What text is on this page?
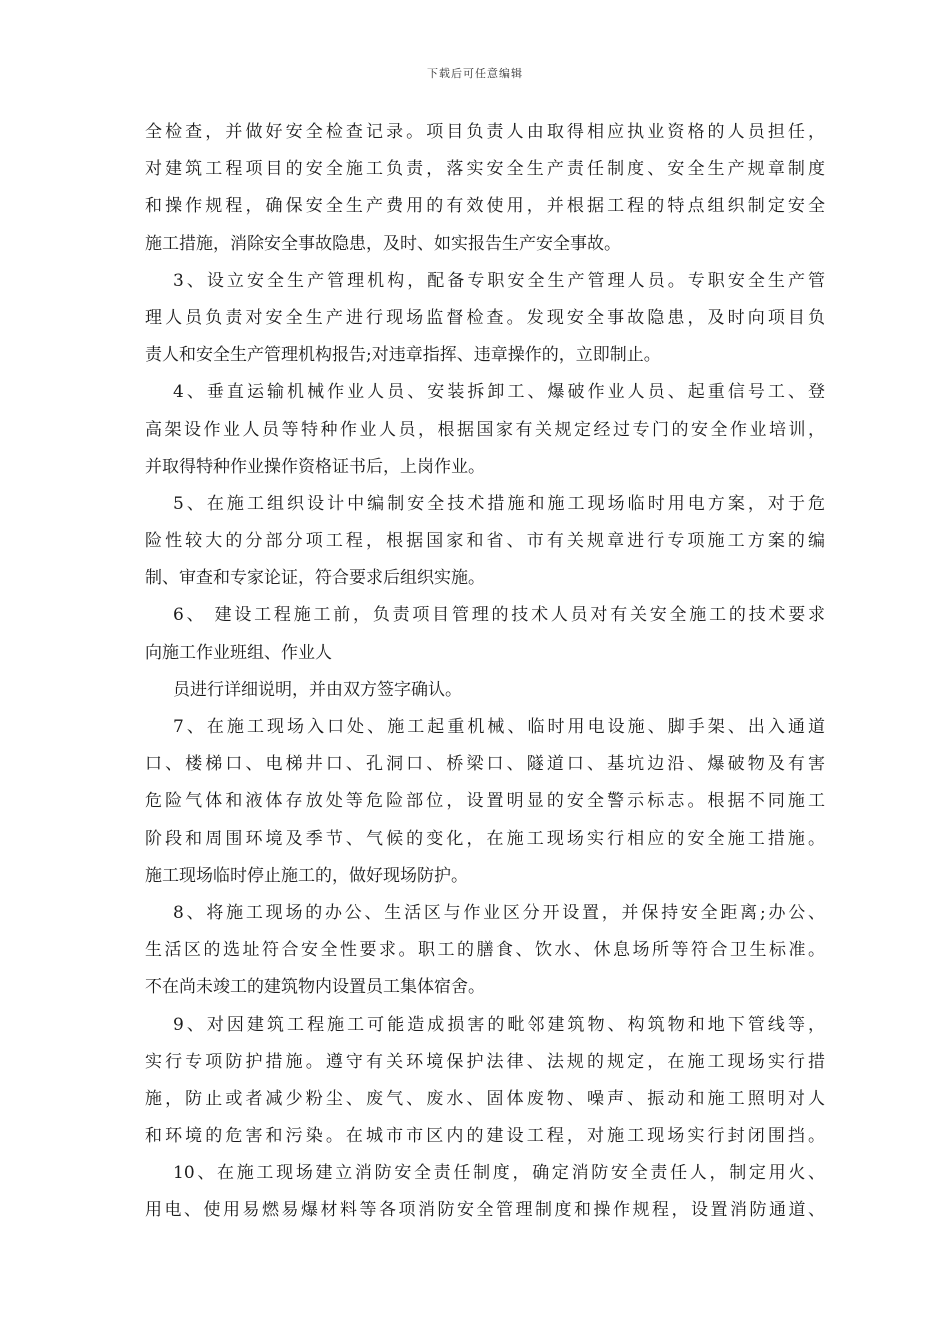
下载后可任意编辑
全检查，并做好安全检查记录。项目负责人由取得相应执业资格的人员担任，
对建筑工程项目的安全施工负责，落实安全生产责任制度、安全生产规章制度
和操作规程，确保安全生产费用的有效使用，并根据工程的特点组织制定安全
施工措施，消除安全事故隐患，及时、如实报告生产安全事故。
3、设立安全生产管理机构，配备专职安全生产管理人员。专职安全生产管
理人员负责对安全生产进行现场监督检查。发现安全事故隐患，及时向项目负
责人和安全生产管理机构报告;对违章指挥、违章操作的，立即制止。
4、垂直运输机械作业人员、安装拆卸工、爆破作业人员、起重信号工、登
高架设作业人员等特种作业人员，根据国家有关规定经过专门的安全作业培训，
并取得特种作业操作资格证书后，上岗作业。
5、在施工组织设计中编制安全技术措施和施工现场临时用电方案，对于危
险性较大的分部分项工程，根据国家和省、市有关规章进行专项施工方案的编
制、审查和专家论证，符合要求后组织实施。
6、 建设工程施工前，负责项目管理的技术人员对有关安全施工的技术要求
向施工作业班组、作业人
员进行详细说明，并由双方签字确认。
7、在施工现场入口处、施工起重机械、临时用电设施、脚手架、出入通道
口、楼梯口、电梯井口、孔洞口、桥梁口、隧道口、基坑边沿、爆破物及有害
危险气体和液体存放处等危险部位，设置明显的安全警示标志。根据不同施工
阶段和周围环境及季节、气候的变化，在施工现场实行相应的安全施工措施。
施工现场临时停止施工的，做好现场防护。
8、将施工现场的办公、生活区与作业区分开设置，并保持安全距离;办公、
生活区的选址符合安全性要求。职工的膳食、饮水、休息场所等符合卫生标准。
不在尚未竣工的建筑物内设置员工集体宿舍。
9、对因建筑工程施工可能造成损害的毗邻建筑物、构筑物和地下管线等，
实行专项防护措施。遵守有关环境保护法律、法规的规定，在施工现场实行措
施，防止或者减少粉尘、废气、废水、固体废物、噪声、振动和施工照明对人
和环境的危害和污染。在城市市区内的建设工程，对施工现场实行封闭围挡。
10、在施工现场建立消防安全责任制度，确定消防安全责任人，制定用火、
用电、使用易燃易爆材料等各项消防安全管理制度和操作规程，设置消防通道、
